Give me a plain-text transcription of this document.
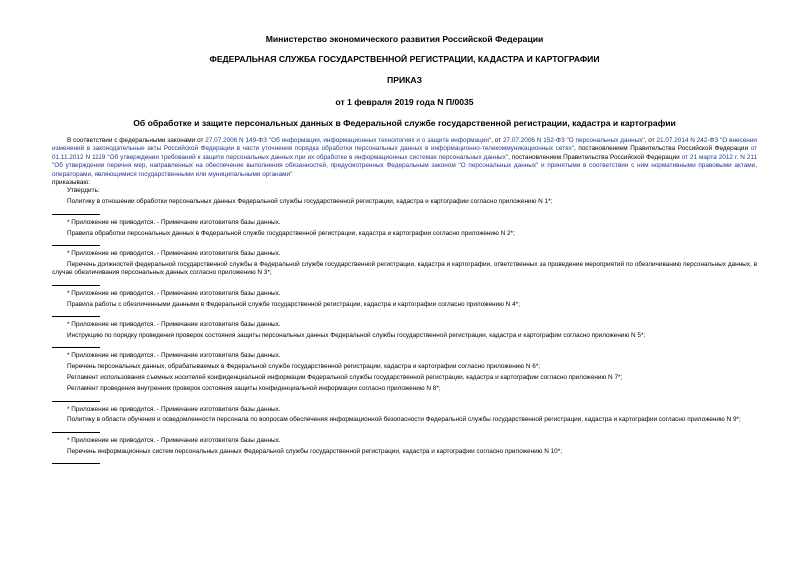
Министерство экономического развития Российской Федерации

ФЕДЕРАЛЬНАЯ СЛУЖБА ГОСУДАРСТВЕННОЙ РЕГИСТРАЦИИ, КАДАСТРА И КАРТОГРАФИИ

ПРИКАЗ

от 1 февраля 2019 года N П/0035

Об обработке и защите персональных данных в Федеральной службе государственной регистрации, кадастра и картографии

В соответствии с федеральными законами от 27.07.2006 N 149-ФЗ "Об информации, информационных технологиях и о защите информации", от 27.07.2006 N 152-ФЗ "О персональных данных", от 21.07.2014 N 242-ФЗ "О внесении изменений в законодательные акты Российской Федерации в части уточнения порядка обработки персональных данных в информационно-телекоммуникационных сетях", постановлением Правительства Российской Федерации от 01.11.2012 N 1119 "Об утверждении требований к защите персональных данных при их обработке в информационных системах персональных данных", постановлением Правительства Российской Федерации от 21 марта 2012 г. N 211 "Об утверждении перечня мер, направленных на обеспечение выполнения обязанностей, предусмотренных Федеральным законом "О персональных данных" и принятыми в соответствии с ним нормативными правовыми актами, операторами, являющимися государственными или муниципальными органами"

приказываю:

Утвердить:

Политику в отношении обработки персональных данных Федеральной службы государственной регистрации, кадастра и картографии согласно приложению N 1*;

* Приложение не приводится. - Примечание изготовителя базы данных.

Правила обработки персональных данных в Федеральной службе государственной регистрации, кадастра и картографии согласно приложению N 2*;

* Приложение не приводится. - Примечание изготовителя базы данных.

Перечень должностей федеральной государственной службы в Федеральной службе государственной регистрации, кадастра и картографии, ответственных за проведение мероприятий по обезличиванию персональных данных, в случае обезличивания персональных данных согласно приложению N 3*;

* Приложение не приводится. - Примечание изготовителя базы данных.

Правила работы с обезличенными данными в Федеральной службе государственной регистрации, кадастра и картографии согласно приложению N 4*;

* Приложение не приводится. - Примечание изготовителя базы данных.

Инструкцию по порядку проведения проверок состояния защиты персональных данных Федеральной службы государственной регистрации, кадастра и картографии согласно приложению N 5*;

* Приложение не приводится. - Примечание изготовителя базы данных.

Перечень персональных данных, обрабатываемых в Федеральной службе государственной регистрации, кадастра и картографии согласно приложению N 6*;

Регламент использования съемных носителей конфиденциальной информации Федеральной службы государственной регистрации, кадастра и картографии согласно приложению N 7*;

Регламент проведения внутренних проверок состояния защиты конфиденциальной информации согласно приложению N 8*;

* Приложение не приводится. - Примечание изготовителя базы данных.

Политику в области обучения и осведомленности персонала по вопросам обеспечения информационной безопасности Федеральной службы государственной регистрации, кадастра и картографии согласно приложению N 9*;

* Приложение не приводится. - Примечание изготовителя базы данных.

Перечень информационных систем персональных данных Федеральной службы государственной регистрации, кадастра и картографии согласно приложению N 10*;
